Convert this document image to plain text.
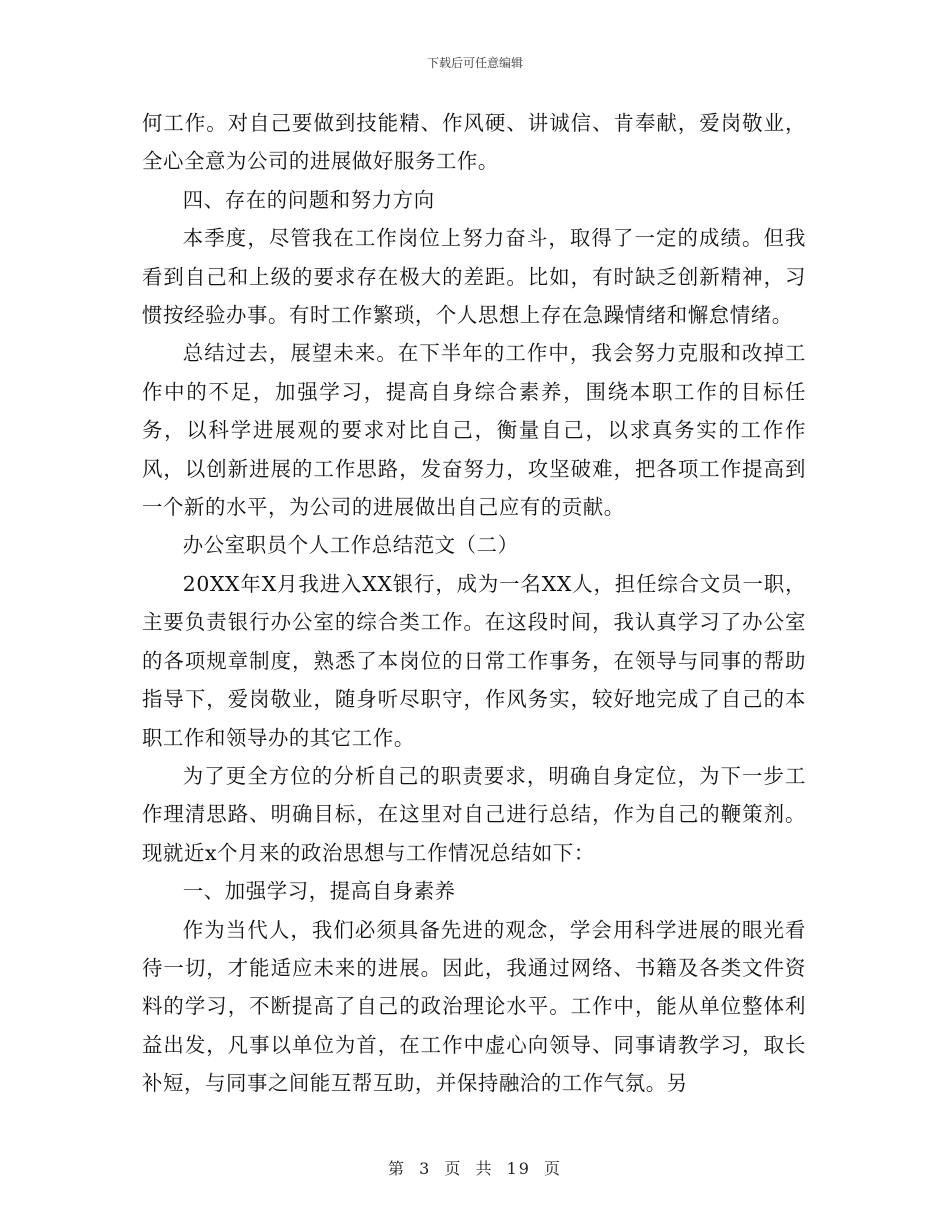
下载后可任意编辑

何工作。对自己要做到技能精、作风硬、讲诚信、肯奉献，爱岗敬业，全心全意为公司的进展做好服务工作。

四、存在的问题和努力方向

本季度，尽管我在工作岗位上努力奋斗，取得了一定的成绩。但我看到自己和上级的要求存在极大的差距。比如，有时缺乏创新精神，习惯按经验办事。有时工作繁琐，个人思想上存在急躁情绪和懈怠情绪。

总结过去，展望未来。在下半年的工作中，我会努力克服和改掉工作中的不足，加强学习，提高自身综合素养，围绕本职工作的目标任务，以科学进展观的要求对比自己，衡量自己，以求真务实的工作作风，以创新进展的工作思路，发奋努力，攻坚破难，把各项工作提高到一个新的水平，为公司的进展做出自己应有的贡献。

办公室职员个人工作总结范文（二）

20XX年X月我进入XX银行，成为一名XX人，担任综合文员一职，主要负责银行办公室的综合类工作。在这段时间，我认真学习了办公室的各项规章制度，熟悉了本岗位的日常工作事务，在领导与同事的帮助指导下，爱岗敬业，随身听尽职守，作风务实，较好地完成了自己的本职工作和领导办的其它工作。

为了更全方位的分析自己的职责要求，明确自身定位，为下一步工作理清思路、明确目标，在这里对自己进行总结，作为自己的鞭策剂。现就近x个月来的政治思想与工作情况总结如下：

一、加强学习，提高自身素养

作为当代人，我们必须具备先进的观念，学会用科学进展的眼光看待一切，才能适应未来的进展。因此，我通过网络、书籍及各类文件资料的学习，不断提高了自己的政治理论水平。工作中，能从单位整体利益出发，凡事以单位为首，在工作中虚心向领导、同事请教学习，取长补短，与同事之间能互帮互助，并保持融洽的工作气氛。另

第 3 页 共 19 页
